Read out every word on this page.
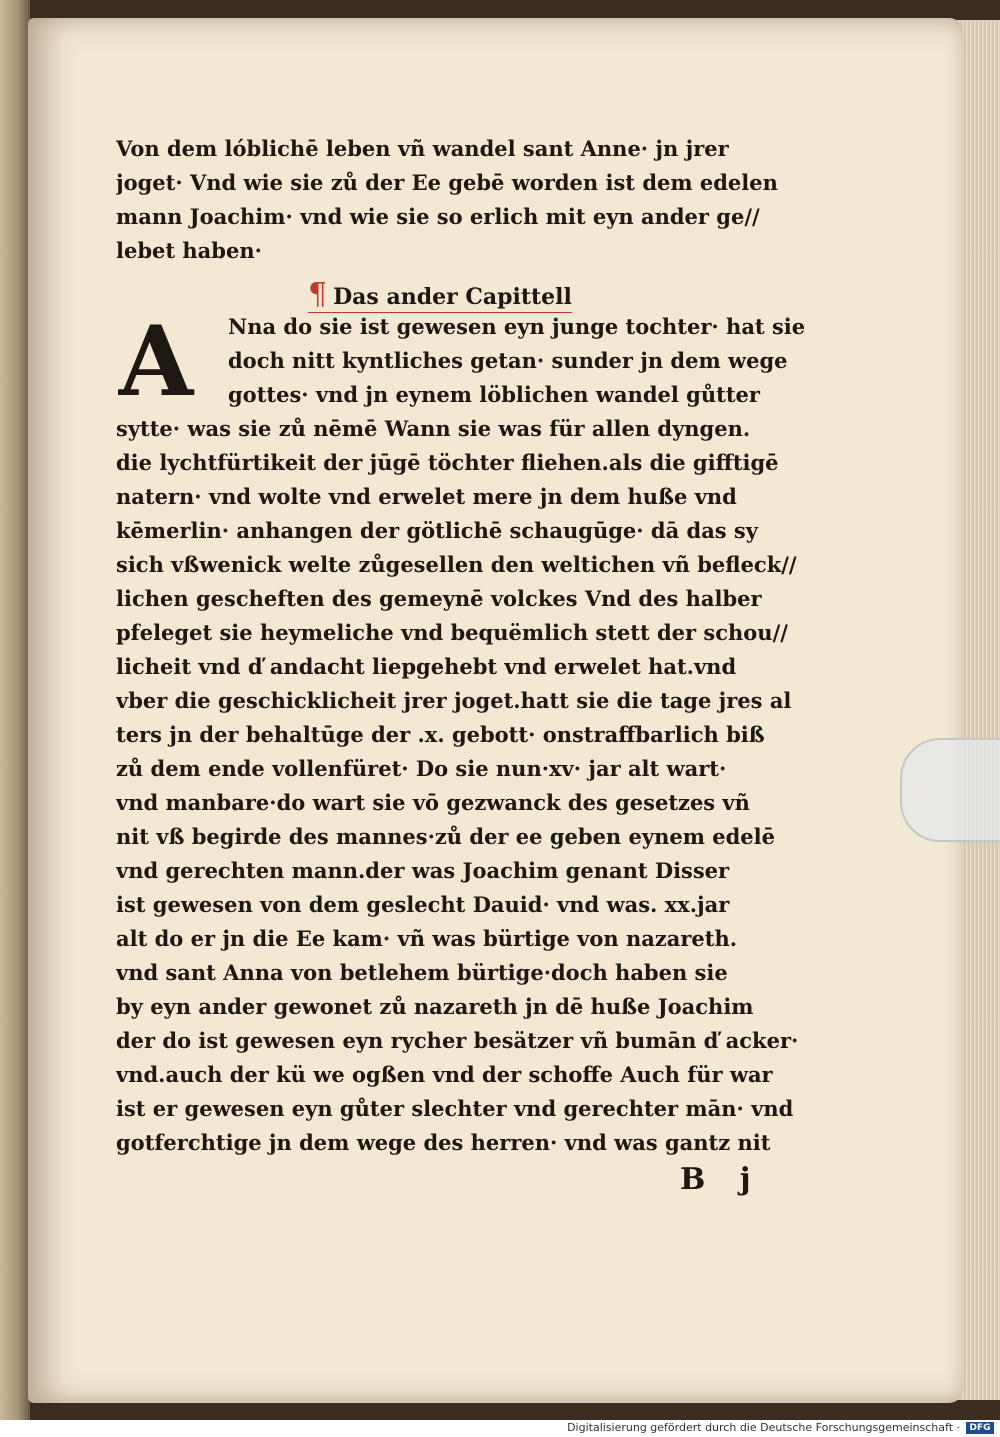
Von dem lóblichē leben vñ wandel sant Anne· jn jrer
joget· Vnd wie sie zů der Ee gebē worden ist dem edelen
mann Joachim· vnd wie sie so erlich mit eyn ander ge//
lebet haben·
¶ Das ander Capittell
A	Nna do sie ist gewesen eyn junge tochter· hat sie
doch nitt kyntliches getan· sunder jn dem wege
gottes· vnd jn eynem löblichen wandel gůtter
sytte· was sie zů nēmē Wann sie was für allen dyngen.
die lychtfürtikeit der jūgē töchter fliehen.als die gifftigē
natern· vnd wolte vnd erwelet mere jn dem huße vnd
kēmerlin· anhangen der götlichē schaugūge· dā das sy
sich vßwenick welte zůgesellen den weltichen vñ befleck//
lichen gescheften des gemeynē volckes Vnd des halber
pfeleget sie heymeliche vnd bequëmlich stett der schou//
licheit vnd ď andacht liepgehebt vnd erwelet hat.vnd
vber die geschicklicheit jrer joget.hatt sie die tage jres al
ters jn der behaltūge der .x. gebott· onstraffbarlich biß
zů dem ende vollenfüret· Do sie nun·xv· jar alt wart·
vnd manbare·do wart sie vō gezwanck des gesetzes vñ
nit vß begirde des mannes·zů der ee geben eynem edelē
vnd gerechten mann.der was Joachim genant Disser
ist gewesen von dem geslecht Dauid· vnd was. xx.jar
alt do er jn die Ee kam· vñ was bürtige von nazareth.
vnd sant Anna von betlehem bürtige·doch haben sie
by eyn ander gewonet zů nazareth jn dē huße Joachim
der do ist gewesen eyn rycher besätzer vñ bumān ď acker·
vnd.auch der kü we ogßen vnd der schoffe Auch für war
ist er gewesen eyn gůter slechter vnd gerechter mān· vnd
gotferchtige jn dem wege des herren· vnd was gantz nit
B j
Digitalisierung gefördert durch die Deutsche Forschungsgemeinschaft ·	DFG
